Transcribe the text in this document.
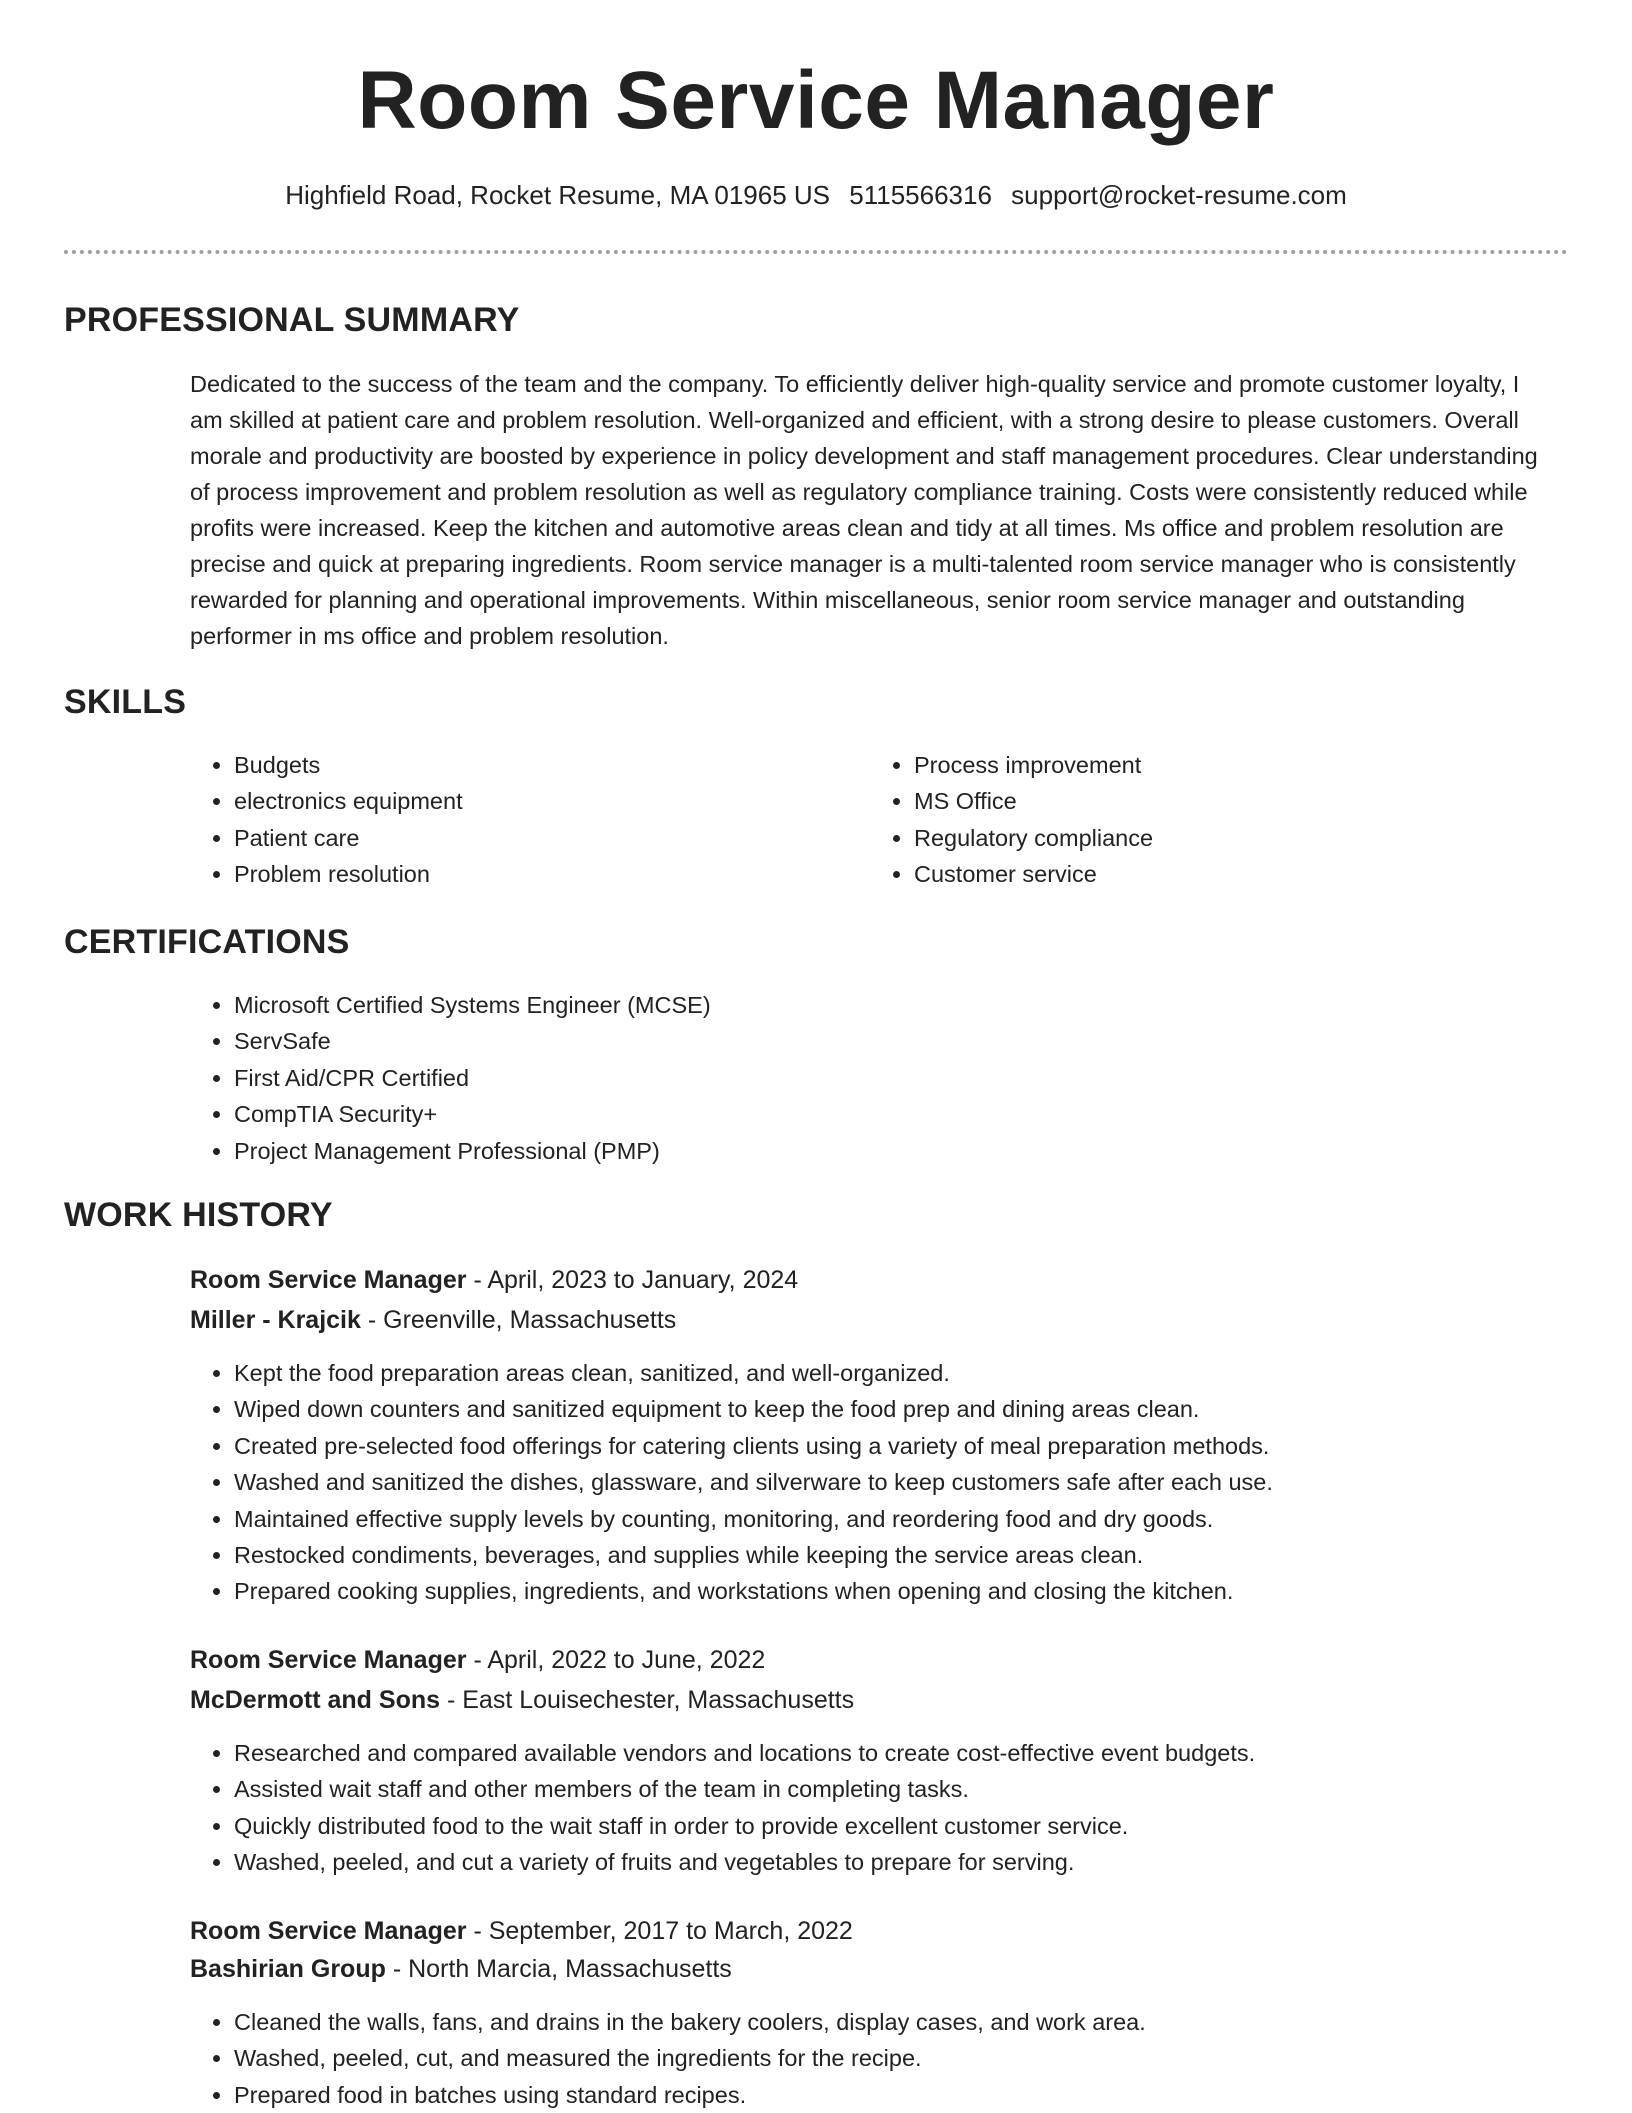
Room Service Manager
Highfield Road, Rocket Resume, MA 01965 US 5115566316 support@rocket-resume.com
PROFESSIONAL SUMMARY

Dedicated to the success of the team and the company. To efficiently deliver high-quality service and promote customer loyalty, I am skilled at patient care and problem resolution. Well-organized and efficient, with a strong desire to please customers. Overall morale and productivity are boosted by experience in policy development and staff management procedures. Clear understanding of process improvement and problem resolution as well as regulatory compliance training. Costs were consistently reduced while profits were increased. Keep the kitchen and automotive areas clean and tidy at all times. Ms office and problem resolution are precise and quick at preparing ingredients. Room service manager is a multi-talented room service manager who is consistently rewarded for planning and operational improvements. Within miscellaneous, senior room service manager and outstanding performer in ms office and problem resolution.

SKILLS
• Budgets
• electronics equipment
• Patient care
• Problem resolution
• Process improvement
• MS Office
• Regulatory compliance
• Customer service
CERTIFICATIONS
• Microsoft Certified Systems Engineer (MCSE)
• ServSafe
• First Aid/CPR Certified
• CompTIA Security+
• Project Management Professional (PMP)
WORK HISTORY
Room Service Manager - April, 2023 to January, 2024
Miller - Krajcik - Greenville, Massachusetts
• Kept the food preparation areas clean, sanitized, and well-organized.
• Wiped down counters and sanitized equipment to keep the food prep and dining areas clean.
• Created pre-selected food offerings for catering clients using a variety of meal preparation methods.
• Washed and sanitized the dishes, glassware, and silverware to keep customers safe after each use.
• Maintained effective supply levels by counting, monitoring, and reordering food and dry goods.
• Restocked condiments, beverages, and supplies while keeping the service areas clean.
• Prepared cooking supplies, ingredients, and workstations when opening and closing the kitchen.
Room Service Manager - April, 2022 to June, 2022
McDermott and Sons - East Louisechester, Massachusetts
• Researched and compared available vendors and locations to create cost-effective event budgets.
• Assisted wait staff and other members of the team in completing tasks.
• Quickly distributed food to the wait staff in order to provide excellent customer service.
• Washed, peeled, and cut a variety of fruits and vegetables to prepare for serving.
Room Service Manager - September, 2017 to March, 2022
Bashirian Group - North Marcia, Massachusetts
• Cleaned the walls, fans, and drains in the bakery coolers, display cases, and work area.
• Washed, peeled, cut, and measured the ingredients for the recipe.
• Prepared food in batches using standard recipes.
